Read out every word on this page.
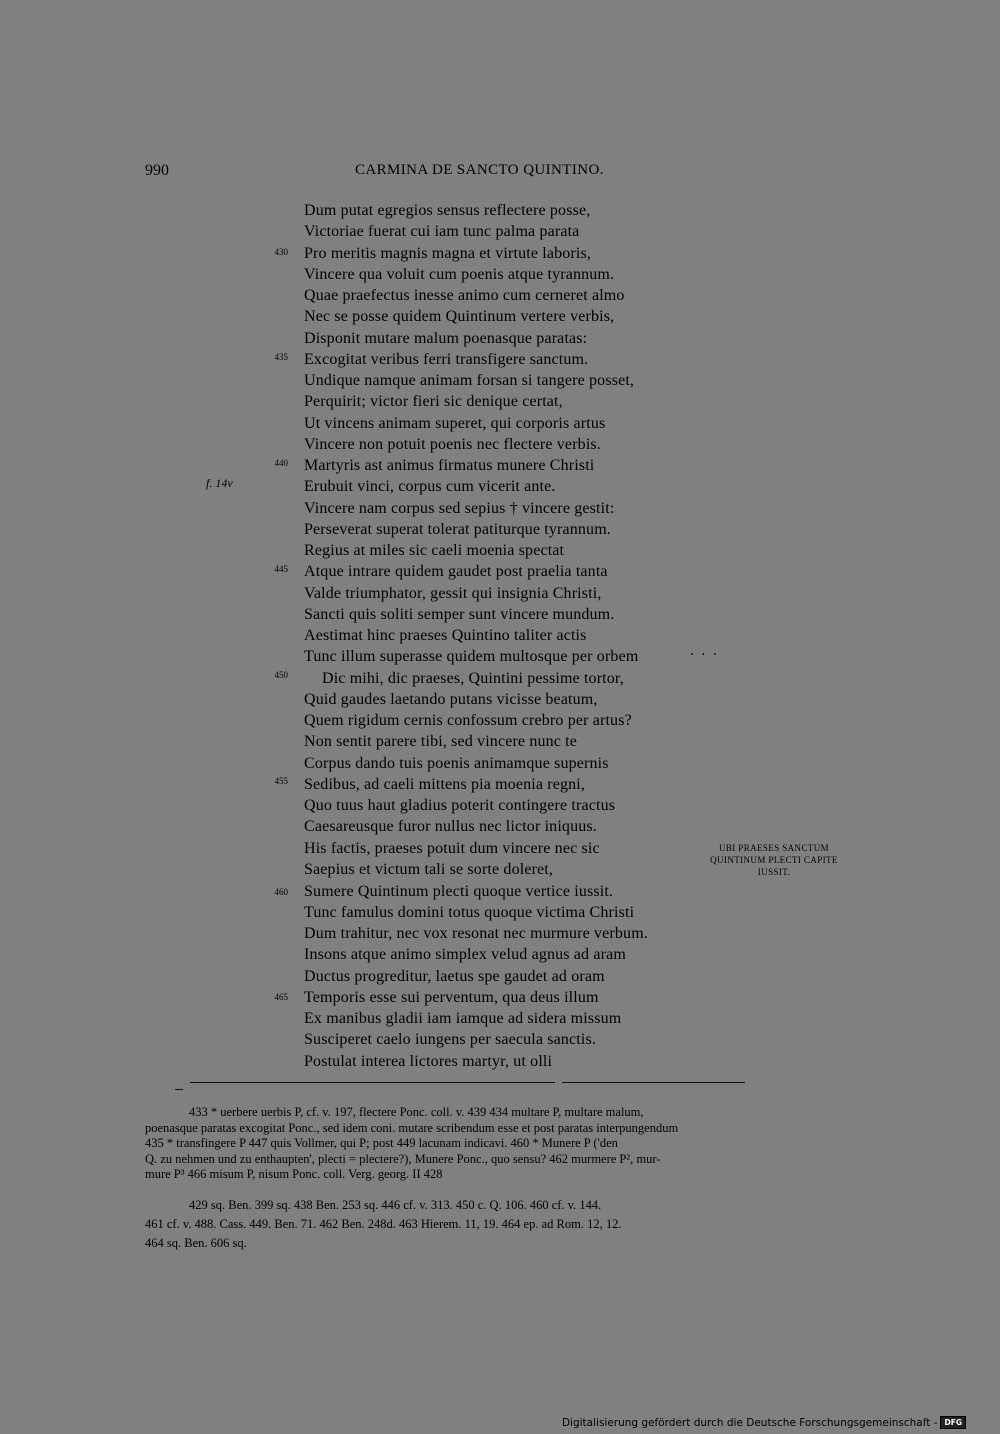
990	CARMINA DE SANCTO QUINTINO.
Dum putat egregios sensus reflectere posse,
Victoriae fuerat cui iam tunc palma parata
Pro meritis magnis magna et virtute laboris,
Vincere qua voluit cum poenis atque tyrannum.
Quae praefectus inesse animo cum cerneret almo
Nec se posse quidem Quintinum vertere verbis,
Disponit mutare malum poenasque paratas:
Excogitat veribus ferri transfigere sanctum.
Undique namque animam forsan si tangere posset,
Perquirit; victor fieri sic denique certat,
Ut vincens animam superet, qui corporis artus
Vincere non potuit poenis nec flectere verbis.
Martyris ast animus firmatus munere Christi
Erubuit vinci, corpus cum vicerit ante.
Vincere nam corpus sed sepius † vincere gestit:
Perseverat superat tolerat patiturque tyrannum.
Regius at miles sic caeli moenia spectat
Atque intrare quidem gaudet post praelia tanta
Valde triumphator, gessit qui insignia Christi,
Sancti quis soliti semper sunt vincere mundum.
Aestimat hinc praeses Quintino taliter actis
Tunc illum superasse quidem multosque per orbem
Dic mihi, dic praeses, Quintini pessime tortor,
Quid gaudes laetando putans vicisse beatum,
Quem rigidum cernis confossum crebro per artus?
Non sentit parere tibi, sed vincere nunc te
Corpus dando tuis poenis animamque supernis
Sedibus, ad caeli mittens pia moenia regni,
Quo tuus haut gladius poterit contingere tractus
Caesareusque furor nullus nec lictor iniquus.
His factis, praeses potuit dum vincere nec sic
Saepius et victum tali se sorte doleret,
Sumere Quintinum plecti quoque vertice iussit.
Tunc famulus domini totus quoque victima Christi
Dum trahitur, nec vox resonat nec murmure verbum.
Insons atque animo simplex velud agnus ad aram
Ductus progreditur, laetus spe gaudet ad oram
Temporis esse sui perventum, qua deus illum
Ex manibus gladii iam iamque ad sidera missum
Susciperet caelo iungens per saecula sanctis.
Postulat interea lictores martyr, ut olli
430
435
440
445
450
455
460
465
f. 14v
. . .
UBI PRAESES SANCTUM
QUINTINUM PLECTI CAPITE
IUSSIT.
433 * uerbere uerbis P, cf. v. 197, flectere Ponc. coll. v. 439 434 multare P, multare malum,
poenasque paratas excogitat Ponc., sed idem coni. mutare scribendum esse et post paratas interpungendum
435 * transfingere P 447 quis Vollmer, qui P; post 449 lacunam indicavi. 460 * Munere P ('den
Q. zu nehmen und zu enthaupten', plecti = plectere?), Munere Ponc., quo sensu? 462 murmere P², mur-
mure P³ 466 misum P, nisum Ponc. coll. Verg. georg. II 428
429 sq. Ben. 399 sq. 438 Ben. 253 sq. 446 cf. v. 313. 450 c. Q. 106. 460 cf. v. 144.
461 cf. v. 488. Cass. 449. Ben. 71. 462 Ben. 248d. 463 Hierem. 11, 19. 464 ep. ad Rom. 12, 12.
464 sq. Ben. 606 sq.
Digitalisierung gefördert durch die Deutsche Forschungsgemeinschaft - DFG
